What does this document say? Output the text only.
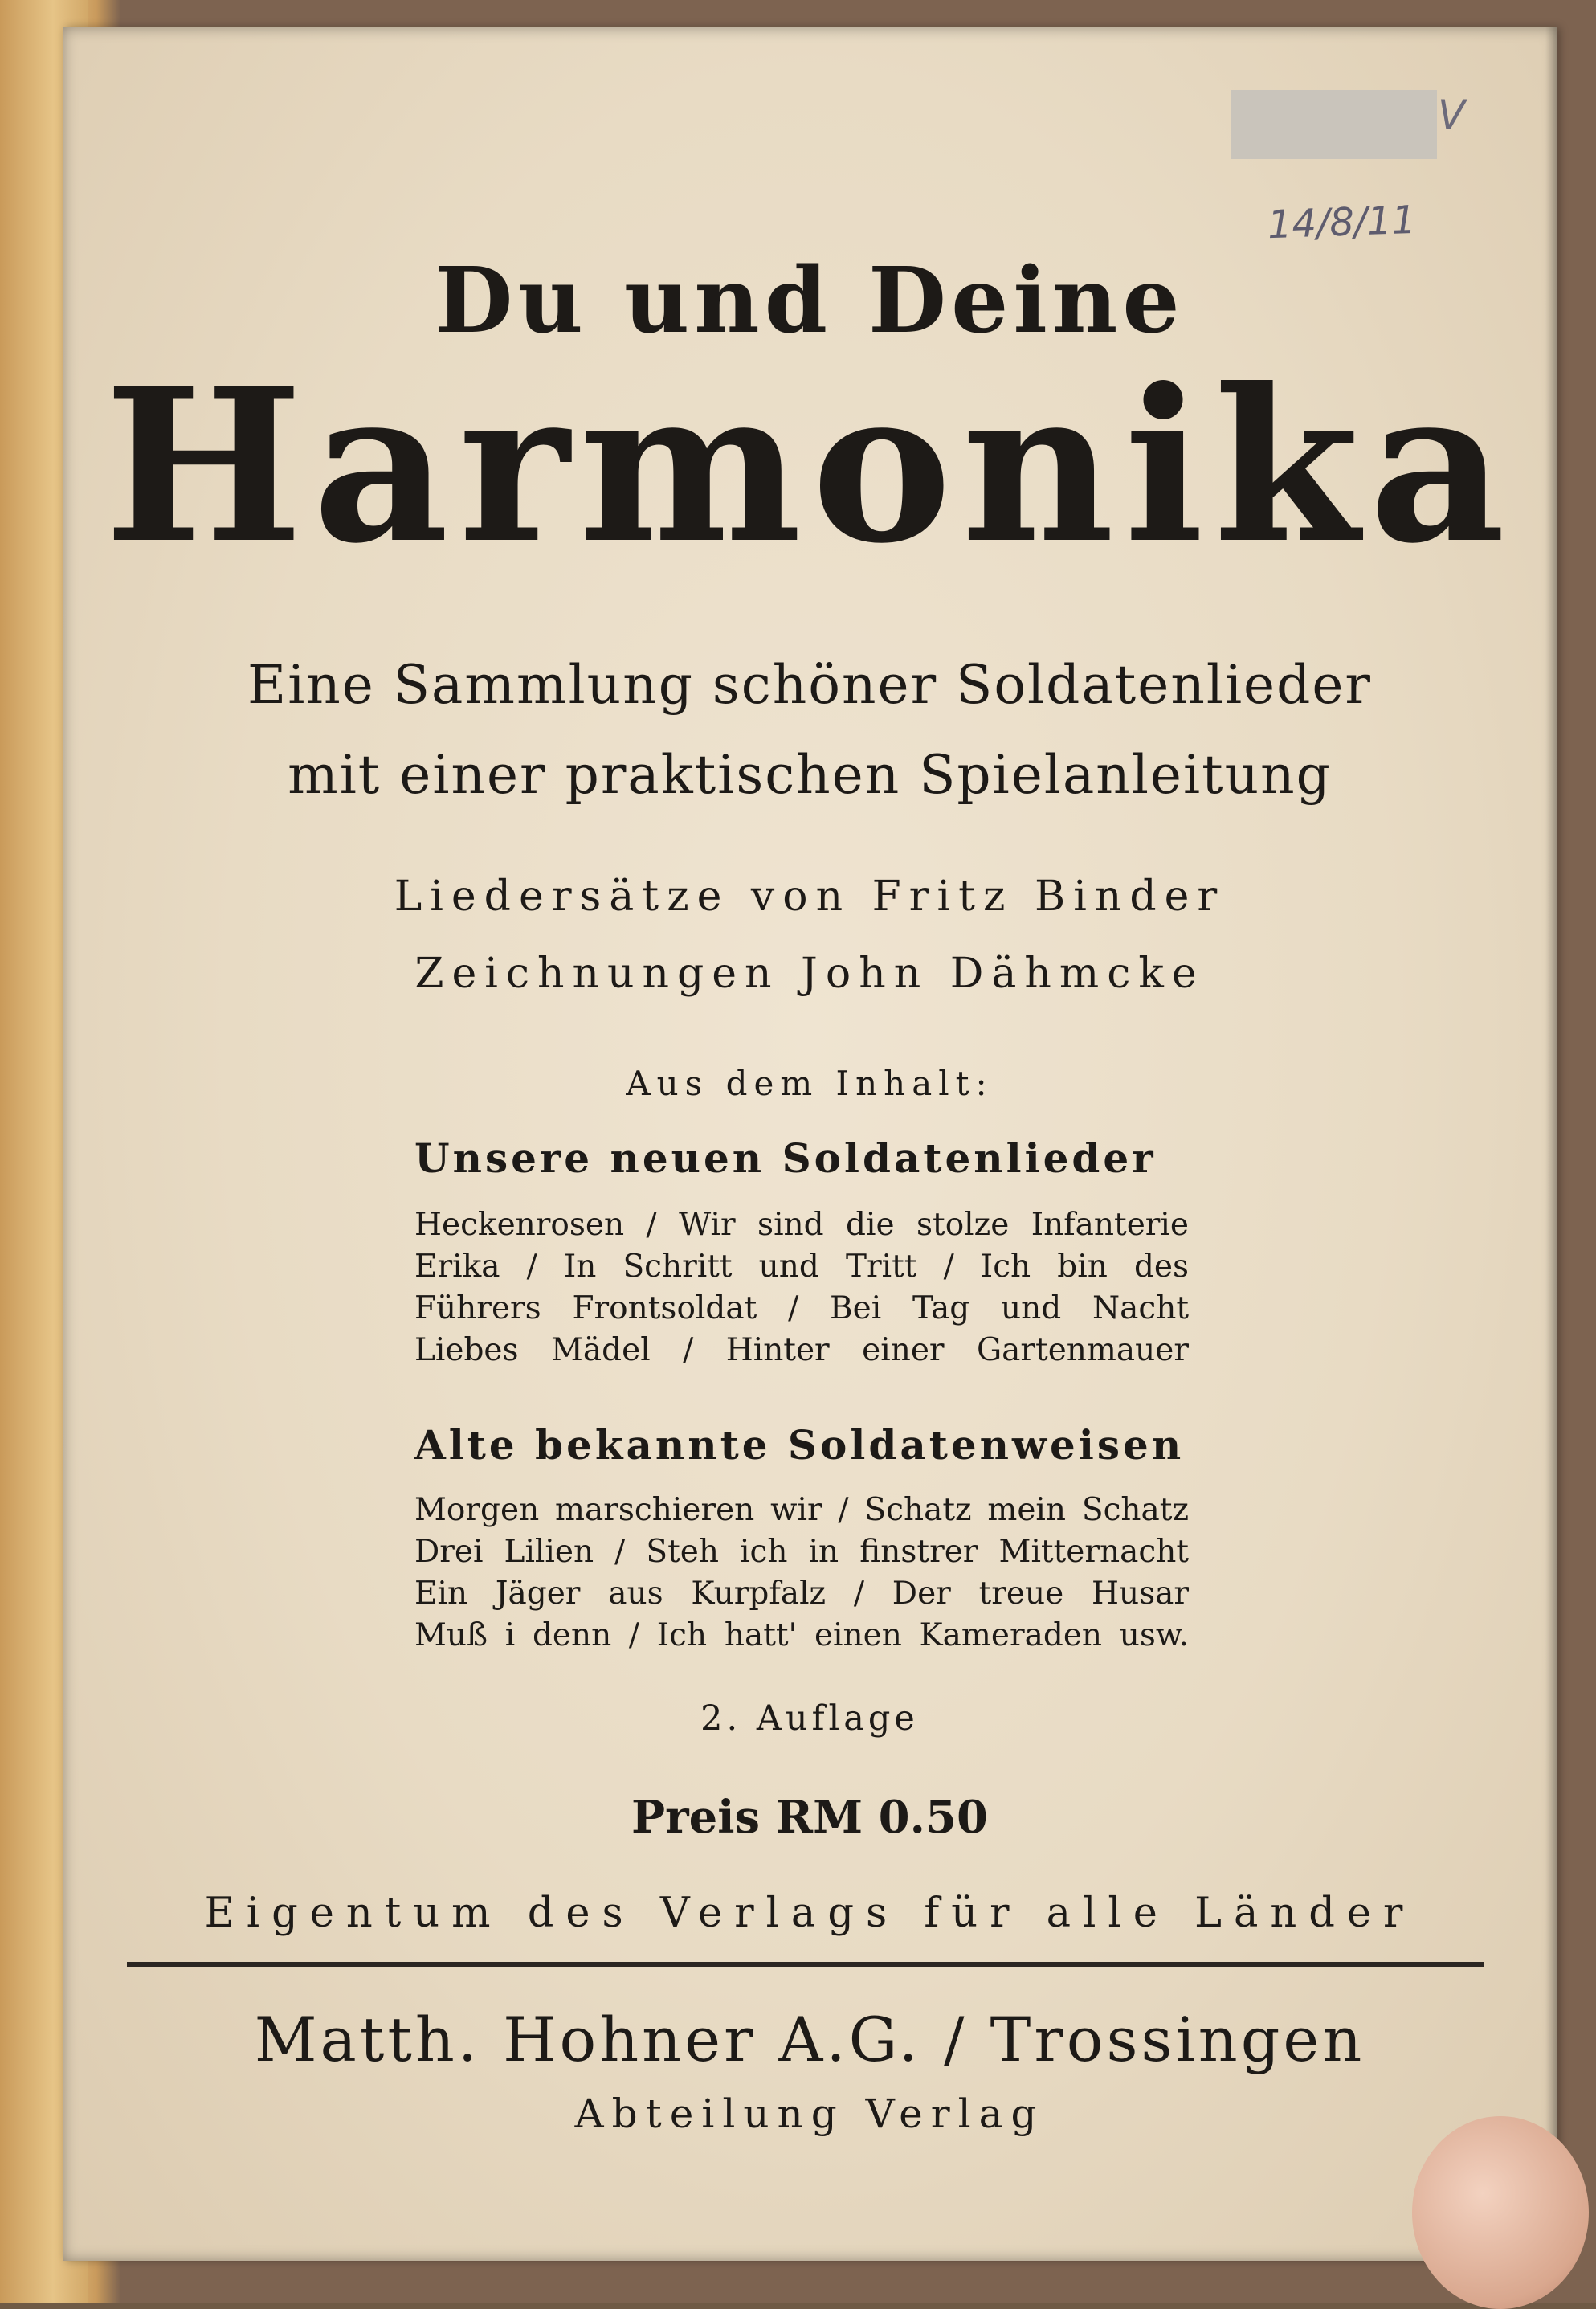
V
14/8/11
Du und Deine
Harmonika
Eine Sammlung schöner Soldatenlieder
mit einer praktischen Spielanleitung
Liedersätze von Fritz Binder
Zeichnungen John Dähmcke
Aus dem Inhalt:
Unsere neuen Soldatenlieder
Heckenrosen / Wir sind die stolze Infanterie
Erika / In Schritt und Tritt / Ich bin des
Führers Frontsoldat / Bei Tag und Nacht
Liebes Mädel / Hinter einer Gartenmauer
Alte bekannte Soldatenweisen
Morgen marschieren wir / Schatz mein Schatz
Drei Lilien / Steh ich in finstrer Mitternacht
Ein Jäger aus Kurpfalz / Der treue Husar
Muß i denn / Ich hatt' einen Kameraden usw.
2. Auflage
Preis RM 0.50
Eigentum des Verlags für alle Länder
Matth. Hohner A.G. / Trossingen
Abteilung Verlag
